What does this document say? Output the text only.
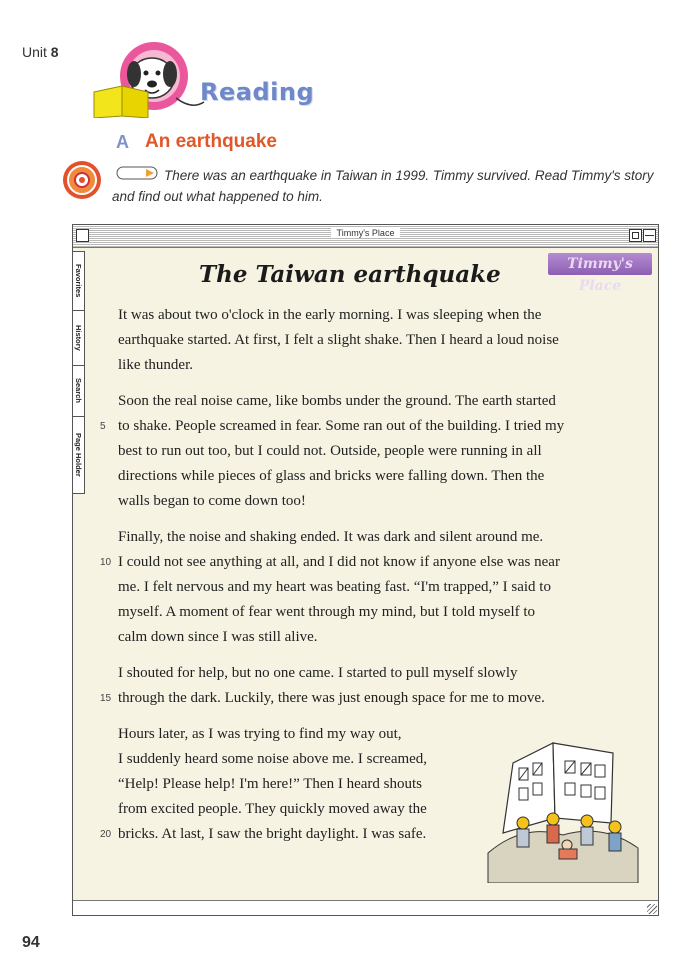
Unit 8
Reading
A An earthquake
There was an earthquake in Taiwan in 1999. Timmy survived. Read Timmy's story and find out what happened to him.
Timmy's Place
Favorites
History
Search
Page Holder
Timmy's Place
The Taiwan earthquake
It was about two o'clock in the early morning. I was sleeping when the
earthquake started. At first, I felt a slight shake. Then I heard a loud noise
like thunder.
Soon the real noise came, like bombs under the ground. The earth started
5 to shake. People screamed in fear. Some ran out of the building. I tried my
best to run out too, but I could not. Outside, people were running in all
directions while pieces of glass and bricks were falling down. Then the
walls began to come down too!
Finally, the noise and shaking ended. It was dark and silent around me.
10 I could not see anything at all, and I did not know if anyone else was near
me. I felt nervous and my heart was beating fast. “I'm trapped,” I said to
myself. A moment of fear went through my mind, but I told myself to
calm down since I was still alive.
I shouted for help, but no one came. I started to pull myself slowly
15 through the dark. Luckily, there was just enough space for me to move.
Hours later, as I was trying to find my way out,
I suddenly heard some noise above me. I screamed,
“Help! Please help! I'm here!” Then I heard shouts
from excited people. They quickly moved away the
20 bricks. At last, I saw the bright daylight. I was safe.
94
